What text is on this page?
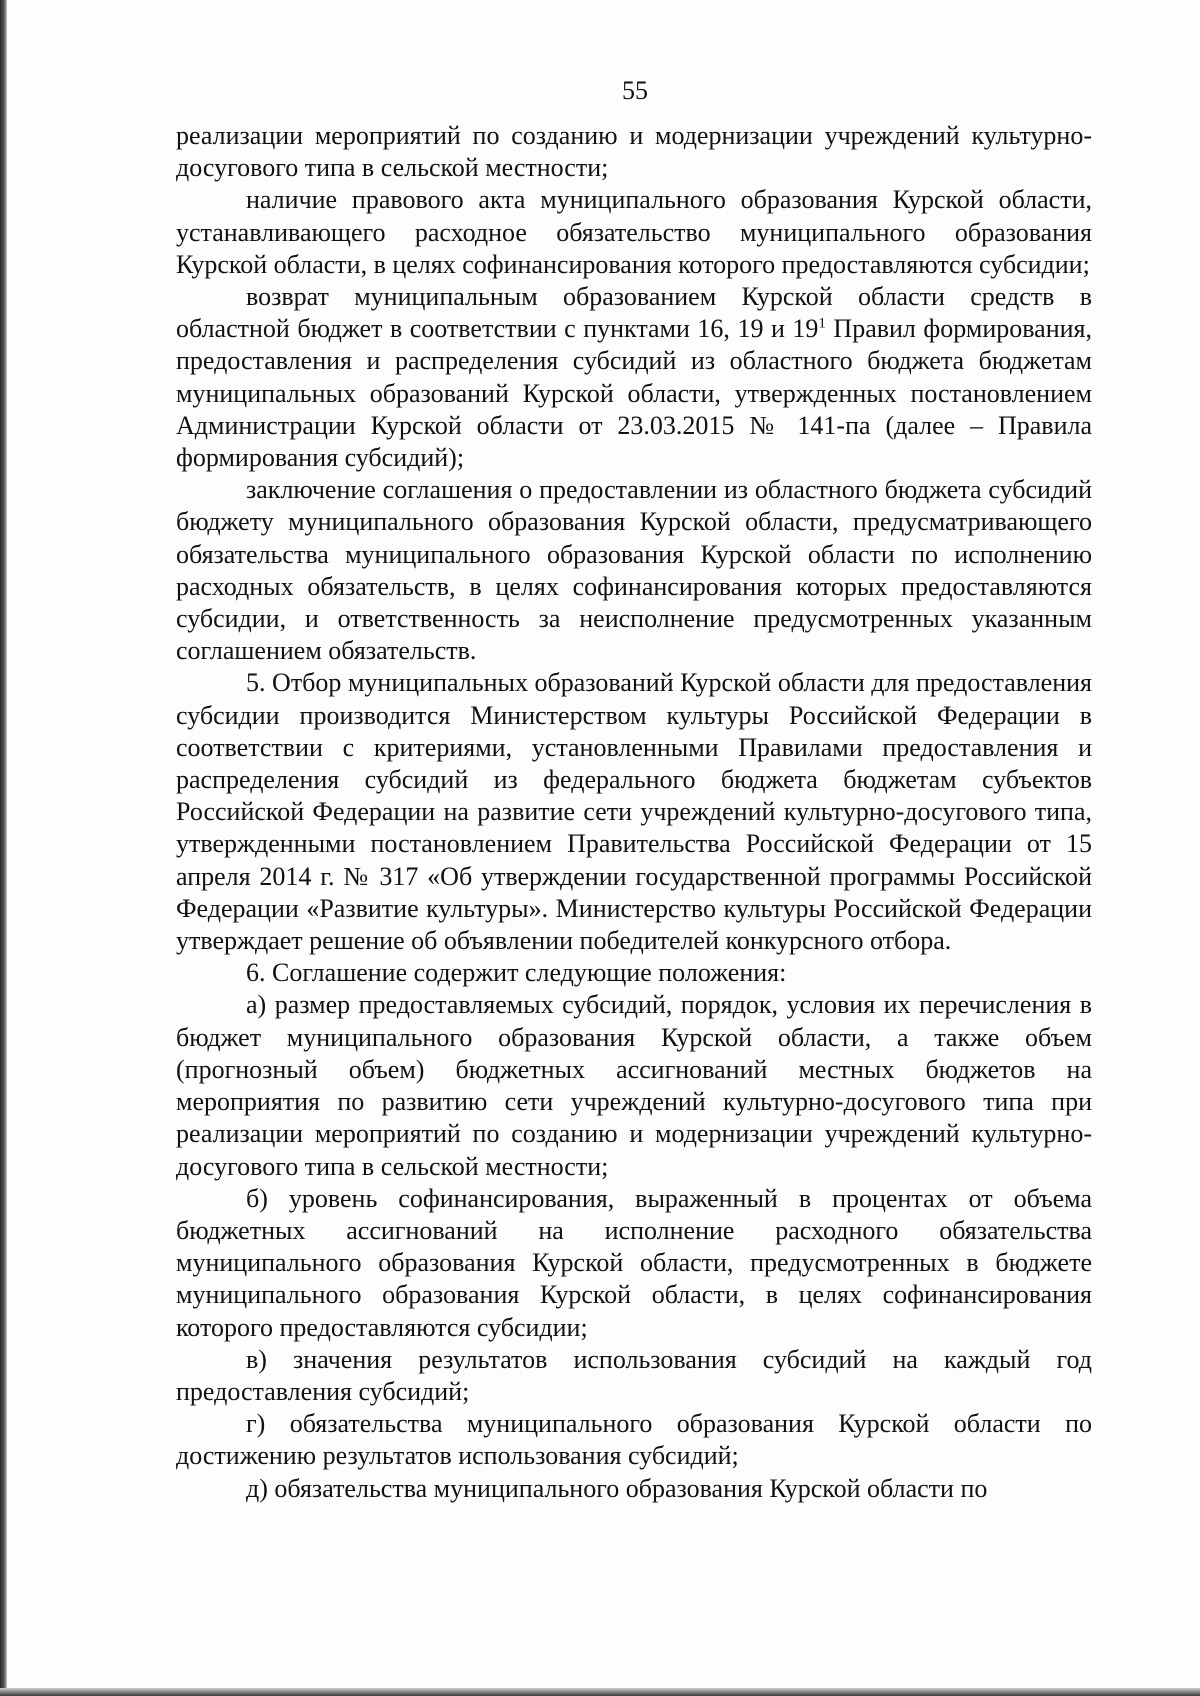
55

реализации мероприятий по созданию и модернизации учреждений культурно-досугового типа в сельской местности;

наличие правового акта муниципального образования Курской области, устанавливающего расходное обязательство муниципального образования Курской области, в целях софинансирования которого предоставляются субсидии;

возврат муниципальным образованием Курской области средств в областной бюджет в соответствии с пунктами 16, 19 и $19^1$ Правил формирования, предоставления и распределения субсидий из областного бюджета бюджетам муниципальных образований Курской области, утвержденных постановлением Администрации Курской области от 23.03.2015 № 141-па (далее – Правила формирования субсидий);

заключение соглашения о предоставлении из областного бюджета субсидий бюджету муниципального образования Курской области, предусматривающего обязательства муниципального образования Курской области по исполнению расходных обязательств, в целях софинансирования которых предоставляются субсидии, и ответственность за неисполнение предусмотренных указанным соглашением обязательств.

5. Отбор муниципальных образований Курской области для предоставления субсидии производится Министерством культуры Российской Федерации в соответствии с критериями, установленными Правилами предоставления и распределения субсидий из федерального бюджета бюджетам субъектов Российской Федерации на развитие сети учреждений культурно-досугового типа, утвержденными постановлением Правительства Российской Федерации от 15 апреля 2014 г. № 317 «Об утверждении государственной программы Российской Федерации «Развитие культуры». Министерство культуры Российской Федерации утверждает решение об объявлении победителей конкурсного отбора.

6. Соглашение содержит следующие положения:

а) размер предоставляемых субсидий, порядок, условия их перечисления в бюджет муниципального образования Курской области, а также объем (прогнозный объем) бюджетных ассигнований местных бюджетов на мероприятия по развитию сети учреждений культурно-досугового типа при реализации мероприятий по созданию и модернизации учреждений культурно-досугового типа в сельской местности;

б) уровень софинансирования, выраженный в процентах от объема бюджетных ассигнований на исполнение расходного обязательства муниципального образования Курской области, предусмотренных в бюджете муниципального образования Курской области, в целях софинансирования которого предоставляются субсидии;

в) значения результатов использования субсидий на каждый год предоставления субсидий;

г) обязательства муниципального образования Курской области по достижению результатов использования субсидий;

д) обязательства муниципального образования Курской области по
